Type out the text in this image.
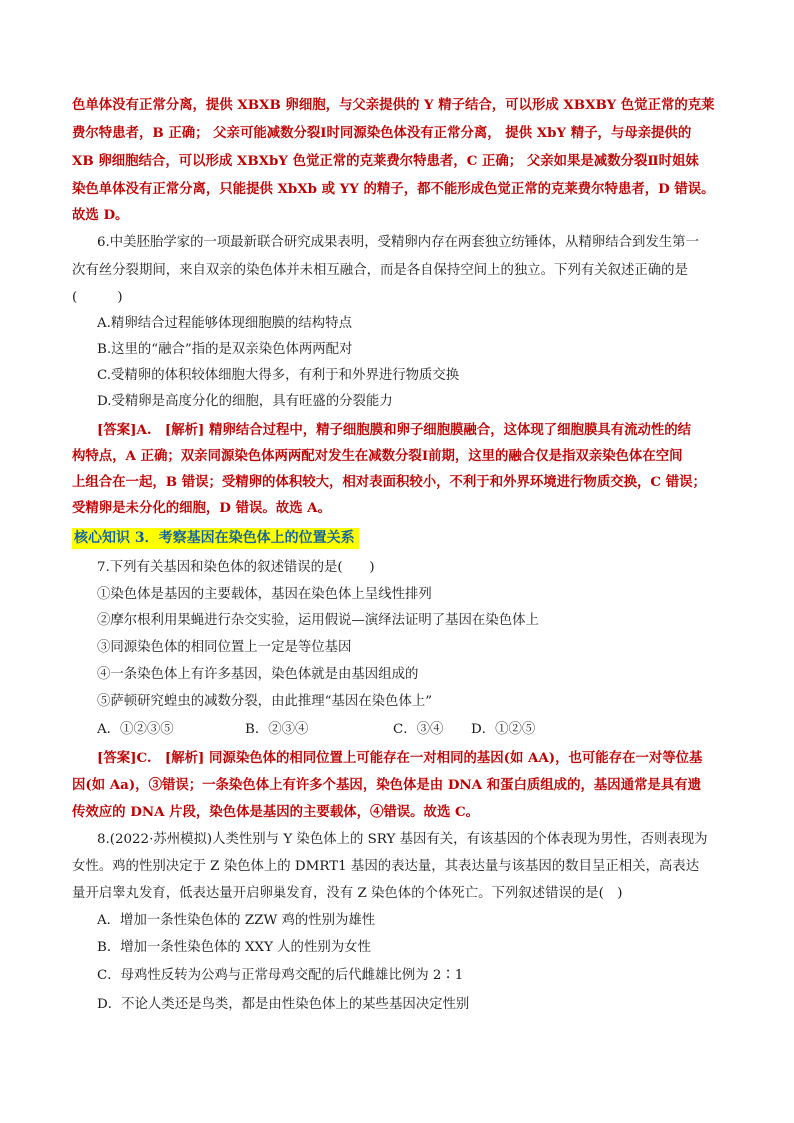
色单体没有正常分离，提供 XBXB 卵细胞，与父亲提供的 Y 精子结合，可以形成 XBXBY 色觉正常的克莱
费尔特患者，B 正确； 父亲可能减数分裂Ⅰ时同源染色体没有正常分离， 提供 XbY 精子，与母亲提供的
XB 卵细胞结合，可以形成 XBXbY 色觉正常的克莱费尔特患者，C 正确； 父亲如果是减数分裂Ⅱ时姐妹
染色单体没有正常分离，只能提供 XbXb 或 YY 的精子，都不能形成色觉正常的克莱费尔特患者，D 错误。
故选 D。
6.中美胚胎学家的一项最新联合研究成果表明，受精卵内存在两套独立纺锤体，从精卵结合到发生第一
次有丝分裂期间，来自双亲的染色体并未相互融合，而是各自保持空间上的独立。下列有关叙述正确的是
(　　　)
A.精卵结合过程能够体现细胞膜的结构特点
B.这里的“融合”指的是双亲染色体两两配对
C.受精卵的体积较体细胞大得多，有利于和外界进行物质交换
D.受精卵是高度分化的细胞，具有旺盛的分裂能力
[答案]A.　[解析] 精卵结合过程中，精子细胞膜和卵子细胞膜融合，这体现了细胞膜具有流动性的结
构特点，A 正确；双亲同源染色体两两配对发生在减数分裂Ⅰ前期，这里的融合仅是指双亲染色体在空间
上组合在一起，B 错误；受精卵的体积较大，相对表面积较小，不利于和外界环境进行物质交换，C 错误；
受精卵是未分化的细胞，D 错误。故选 A。
核心知识 3．考察基因在染色体上的位置关系
7.下列有关基因和染色体的叙述错误的是(　　)
①染色体是基因的主要载体，基因在染色体上呈线性排列
②摩尔根利用果蝇进行杂交实验，运用假说—演绎法证明了基因在染色体上
③同源染色体的相同位置上一定是等位基因
④一条染色体上有许多基因，染色体就是由基因组成的
⑤萨顿研究蝗虫的减数分裂，由此推理“基因在染色体上”
A．①②③⑤	B．②③④	C．③④ D．①②⑤
[答案]C.　[解析] 同源染色体的相同位置上可能存在一对相同的基因(如 AA)，也可能存在一对等位基
因(如 Aa)，③错误；一条染色体上有许多个基因，染色体是由 DNA 和蛋白质组成的，基因通常是具有遗
传效应的 DNA 片段，染色体是基因的主要载体，④错误。故选 C。
8.(2022·苏州模拟)人类性别与 Y 染色体上的 SRY 基因有关，有该基因的个体表现为男性，否则表现为
女性。鸡的性别决定于 Z 染色体上的 DMRT1 基因的表达量，其表达量与该基因的数目呈正相关，高表达
量开启睾丸发育，低表达量开启卵巢发育，没有 Z 染色体的个体死亡。下列叙述错误的是(　)
A．增加一条性染色体的 ZZW 鸡的性别为雄性
B．增加一条性染色体的 XXY 人的性别为女性
C．母鸡性反转为公鸡与正常母鸡交配的后代雌雄比例为 2∶1
D．不论人类还是鸟类，都是由性染色体上的某些基因决定性别
